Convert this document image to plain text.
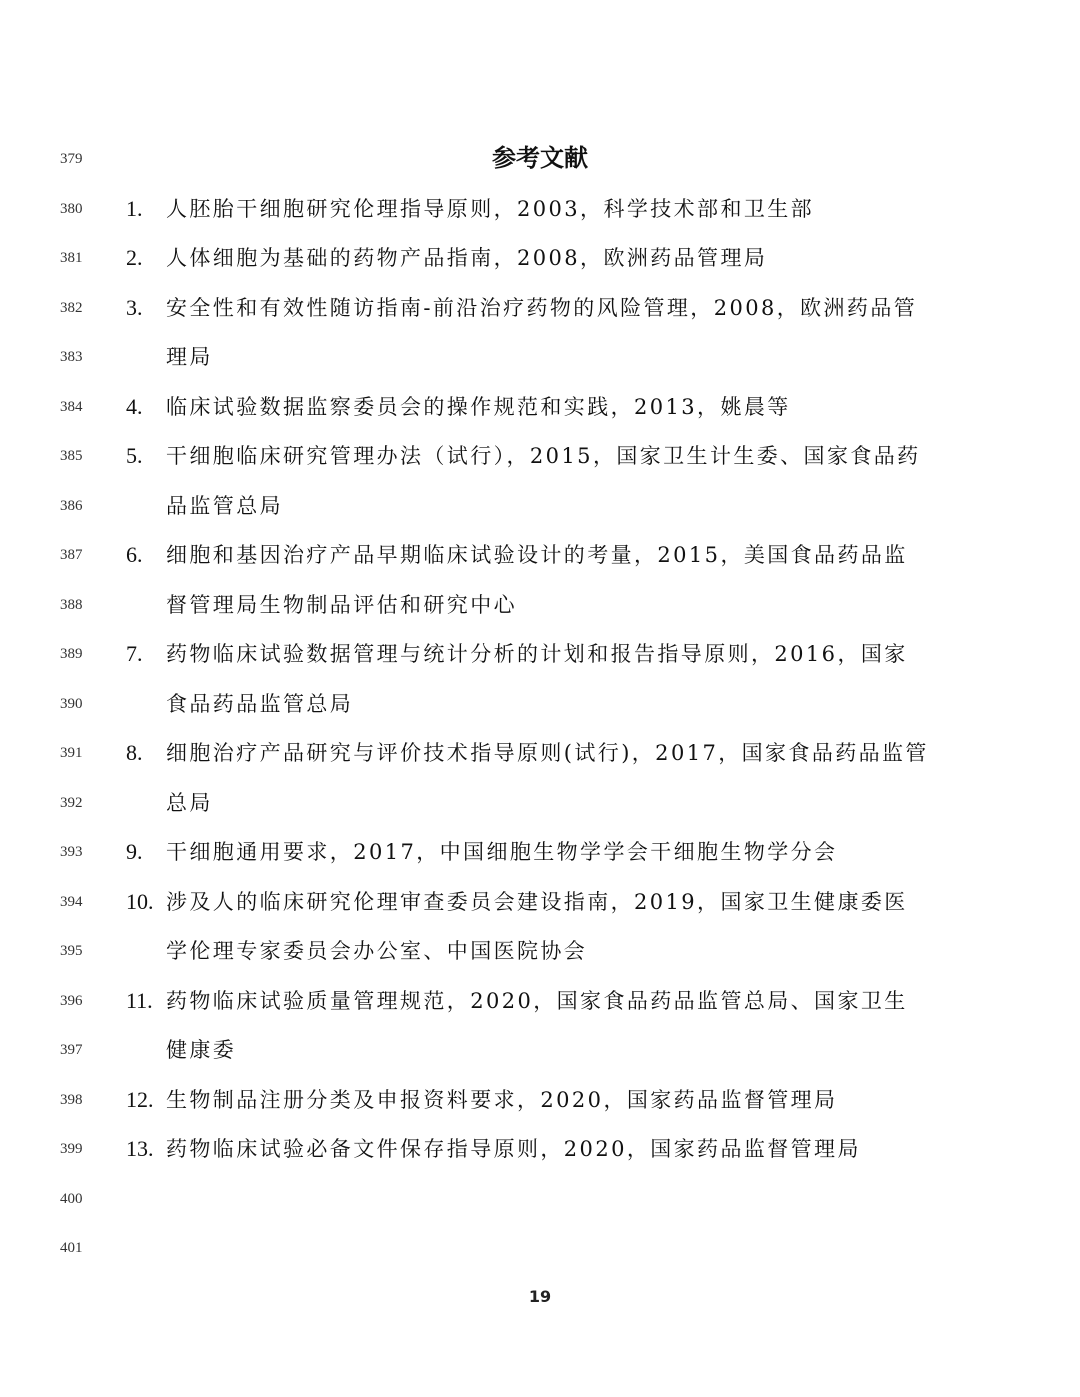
379
380
381
382
383
384
385
386
387
388
389
390
391
392
393
394
395
396
397
398
399
400
401
参考文献
1. 人胚胎干细胞研究伦理指导原则，2003，科学技术部和卫生部
2. 人体细胞为基础的药物产品指南，2008，欧洲药品管理局
3. 安全性和有效性随访指南-前沿治疗药物的风险管理，2008，欧洲药品管
理局
4. 临床试验数据监察委员会的操作规范和实践，2013，姚晨等
5. 干细胞临床研究管理办法（试行），2015，国家卫生计生委、国家食品药
品监管总局
6. 细胞和基因治疗产品早期临床试验设计的考量，2015，美国食品药品监
督管理局生物制品评估和研究中心
7. 药物临床试验数据管理与统计分析的计划和报告指导原则，2016，国家
食品药品监管总局
8. 细胞治疗产品研究与评价技术指导原则(试行)，2017，国家食品药品监管
总局
9. 干细胞通用要求，2017，中国细胞生物学学会干细胞生物学分会
10. 涉及人的临床研究伦理审查委员会建设指南，2019，国家卫生健康委医
学伦理专家委员会办公室、中国医院协会
11. 药物临床试验质量管理规范，2020，国家食品药品监管总局、国家卫生
健康委
12. 生物制品注册分类及申报资料要求，2020，国家药品监督管理局
13. 药物临床试验必备文件保存指导原则，2020，国家药品监督管理局
19
